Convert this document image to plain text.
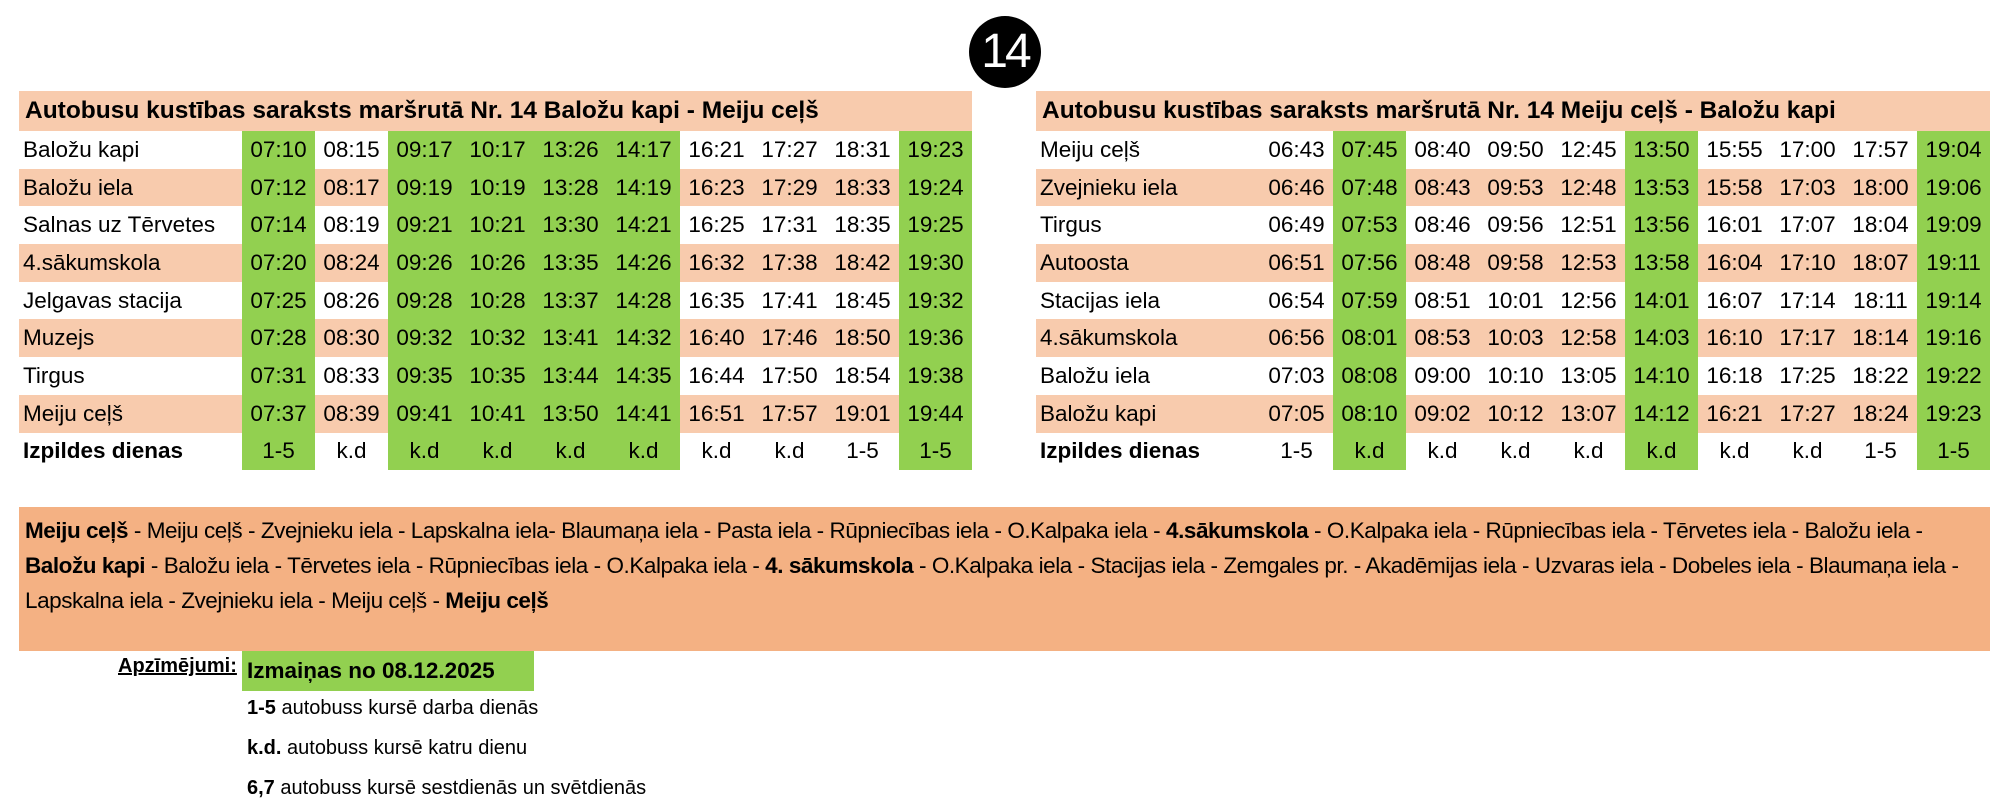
14
Autobusu kustības saraksts maršrutā Nr. 14 Baložu kapi - Meiju ceļš										
Baložu kapi	07:10	08:15	09:17	10:17	13:26	14:17	16:21	17:27	18:31	19:23
Baložu iela	07:12	08:17	09:19	10:19	13:28	14:19	16:23	17:29	18:33	19:24
Salnas uz Tērvetes	07:14	08:19	09:21	10:21	13:30	14:21	16:25	17:31	18:35	19:25
4.sākumskola	07:20	08:24	09:26	10:26	13:35	14:26	16:32	17:38	18:42	19:30
Jelgavas stacija	07:25	08:26	09:28	10:28	13:37	14:28	16:35	17:41	18:45	19:32
Muzejs	07:28	08:30	09:32	10:32	13:41	14:32	16:40	17:46	18:50	19:36
Tirgus	07:31	08:33	09:35	10:35	13:44	14:35	16:44	17:50	18:54	19:38
Meiju ceļš	07:37	08:39	09:41	10:41	13:50	14:41	16:51	17:57	19:01	19:44
Izpildes dienas	1-5	k.d	k.d	k.d	k.d	k.d	k.d	k.d	1-5	1-5
Autobusu kustības saraksts maršrutā Nr. 14 Meiju ceļš - Baložu kapi										
Meiju ceļš	06:43	07:45	08:40	09:50	12:45	13:50	15:55	17:00	17:57	19:04
Zvejnieku iela	06:46	07:48	08:43	09:53	12:48	13:53	15:58	17:03	18:00	19:06
Tirgus	06:49	07:53	08:46	09:56	12:51	13:56	16:01	17:07	18:04	19:09
Autoosta	06:51	07:56	08:48	09:58	12:53	13:58	16:04	17:10	18:07	19:11
Stacijas iela	06:54	07:59	08:51	10:01	12:56	14:01	16:07	17:14	18:11	19:14
4.sākumskola	06:56	08:01	08:53	10:03	12:58	14:03	16:10	17:17	18:14	19:16
Baložu iela	07:03	08:08	09:00	10:10	13:05	14:10	16:18	17:25	18:22	19:22
Baložu kapi	07:05	08:10	09:02	10:12	13:07	14:12	16:21	17:27	18:24	19:23
Izpildes dienas	1-5	k.d	k.d	k.d	k.d	k.d	k.d	k.d	1-5	1-5
Meiju ceļš - Meiju ceļš - Zvejnieku iela - Lapskalna iela- Blaumaņa iela - Pasta iela - Rūpniecības iela - O.Kalpaka iela - 4.sākumskola - O.Kalpaka iela - Rūpniecības iela - Tērvetes iela - Baložu iela - Baložu kapi - Baložu iela - Tērvetes iela - Rūpniecības iela - O.Kalpaka iela - 4. sākumskola - O.Kalpaka iela - Stacijas iela - Zemgales pr. - Akadēmijas iela - Uzvaras iela - Dobeles iela - Blaumaņa iela - Lapskalna iela - Zvejnieku iela - Meiju ceļš - Meiju ceļš
Apzīmējumi: Izmaiņas no 08.12.2025
1-5 autobuss kursē darba dienās
k.d. autobuss kursē katru dienu
6,7 autobuss kursē sestdienās un svētdienās
